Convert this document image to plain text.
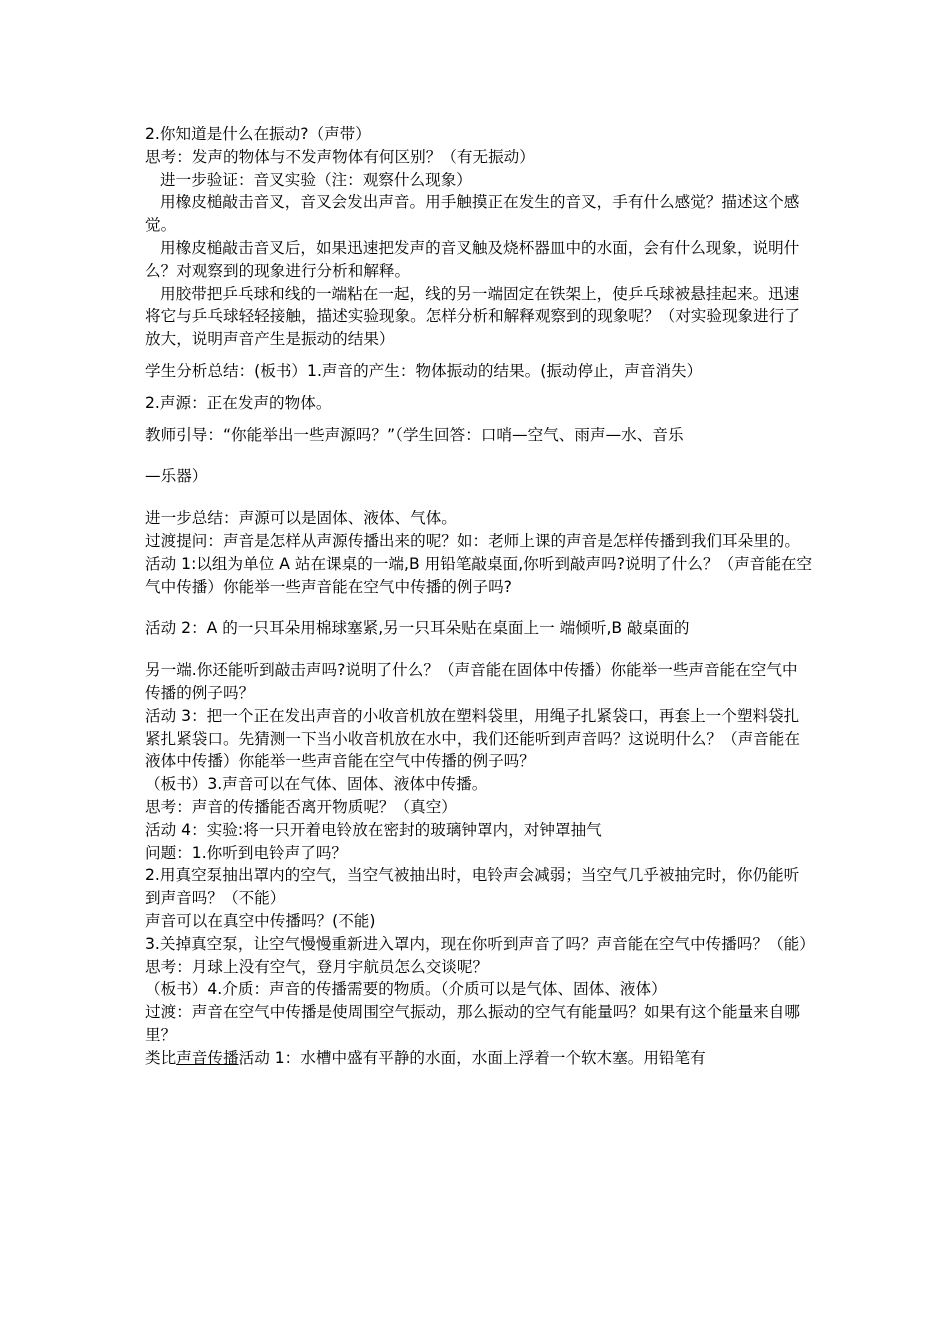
2.你知道是什么在振动?（声带）

思考：发声的物体与不发声物体有何区别？（有无振动）

进一步验证：音叉实验（注：观察什么现象）

用橡皮槌敲击音叉，音叉会发出声音。用手触摸正在发生的音叉，手有什么感觉？描述这个感觉。

用橡皮槌敲击音叉后，如果迅速把发声的音叉触及烧杯器皿中的水面，会有什么现象，说明什么？对观察到的现象进行分析和解释。

用胶带把乒乓球和线的一端粘在一起，线的另一端固定在铁架上，使乒乓球被悬挂起来。迅速将它与乒乓球轻轻接触，描述实验现象。怎样分析和解释观察到的现象呢？（对实验现象进行了放大，说明声音产生是振动的结果）

学生分析总结：(板书）1.声音的产生：物体振动的结果。(振动停止，声音消失）

2.声源：正在发声的物体。

教师引导：“你能举出一些声源吗？”（学生回答：口哨—空气、雨声—水、音乐

—乐器）

进一步总结：声源可以是固体、液体、气体。

过渡提问：声音是怎样从声源传播出来的呢？如：老师上课的声音是怎样传播到我们耳朵里的。

活动 1:以组为单位 A 站在课桌的一端,B 用铅笔敲桌面,你听到敲声吗?说明了什么？（声音能在空气中传播）你能举一些声音能在空气中传播的例子吗?

活动 2：A 的一只耳朵用棉球塞紧,另一只耳朵贴在桌面上一 端倾听,B 敲桌面的

另一端.你还能听到敲击声吗?说明了什么？（声音能在固体中传播）你能举一些声音能在空气中传播的例子吗？

活动 3：把一个正在发出声音的小收音机放在塑料袋里，用绳子扎紧袋口，再套上一个塑料袋扎紧扎紧袋口。先猜测一下当小收音机放在水中，我们还能听到声音吗？这说明什么？（声音能在液体中传播）你能举一些声音能在空气中传播的例子吗？

（板书）3.声音可以在气体、固体、液体中传播。

思考：声音的传播能否离开物质呢？（真空）

活动 4：实验:将一只开着电铃放在密封的玻璃钟罩内，对钟罩抽气

问题：1.你听到电铃声了吗？

2.用真空泵抽出罩内的空气，当空气被抽出时，电铃声会减弱；当空气几乎被抽完时，你仍能听到声音吗？（不能）

声音可以在真空中传播吗？(不能)

3.关掉真空泵，让空气慢慢重新进入罩内，现在你听到声音了吗？声音能在空气中传播吗？（能）

思考：月球上没有空气，登月宇航员怎么交谈呢？

（板书）4.介质：声音的传播需要的物质。（介质可以是气体、固体、液体）

过渡：声音在空气中传播是使周围空气振动，那么振动的空气有能量吗？如果有这个能量来自哪里？

类比声音传播活动 1：水槽中盛有平静的水面，水面上浮着一个软木塞。用铅笔有
